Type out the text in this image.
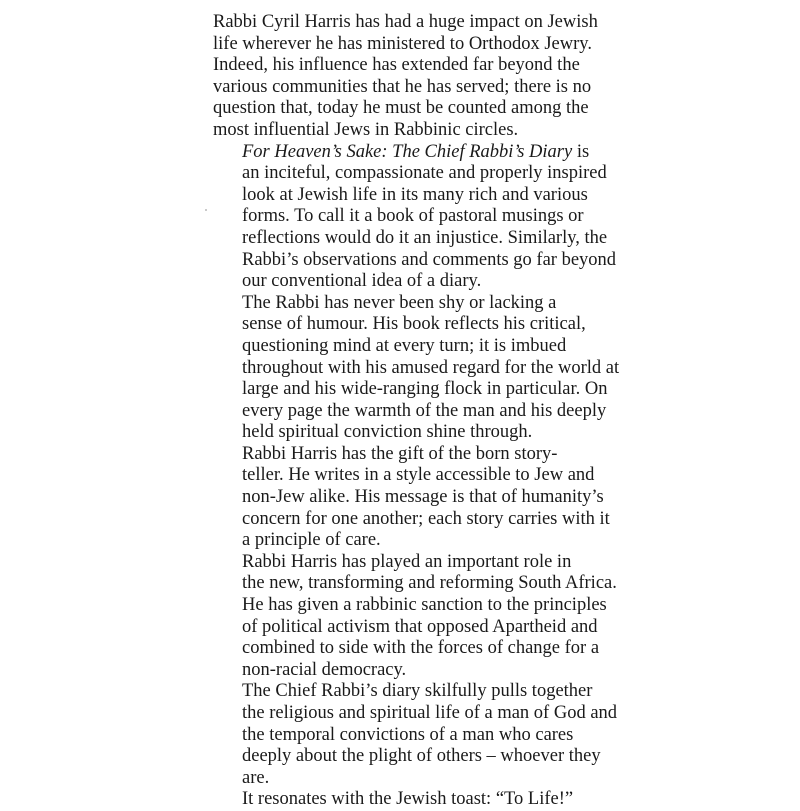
Rabbi Cyril Harris has had a huge impact on Jewish
life wherever he has ministered to Orthodox Jewry.
Indeed, his influence has extended far beyond the
various communities that he has served; there is no
question that, today he must be counted among the
most influential Jews in Rabbinic circles.

For Heaven’s Sake: The Chief Rabbi’s Diary is
an inciteful, compassionate and properly inspired
look at Jewish life in its many rich and various
forms. To call it a book of pastoral musings or
reflections would do it an injustice. Similarly, the
Rabbi’s observations and comments go far beyond
our conventional idea of a diary.

The Rabbi has never been shy or lacking a
sense of humour. His book reflects his critical,
questioning mind at every turn; it is imbued
throughout with his amused regard for the world at
large and his wide-ranging flock in particular. On
every page the warmth of the man and his deeply
held spiritual conviction shine through.

Rabbi Harris has the gift of the born story-
teller. He writes in a style accessible to Jew and
non-Jew alike. His message is that of humanity’s
concern for one another; each story carries with it
a principle of care.

Rabbi Harris has played an important role in
the new, transforming and reforming South Africa.
He has given a rabbinic sanction to the principles
of political activism that opposed Apartheid and
combined to side with the forces of change for a
non-racial democracy.

The Chief Rabbi’s diary skilfully pulls together
the religious and spiritual life of a man of God and
the temporal convictions of a man who cares
deeply about the plight of others – whoever they
are.

It resonates with the Jewish toast: “To Life!”
